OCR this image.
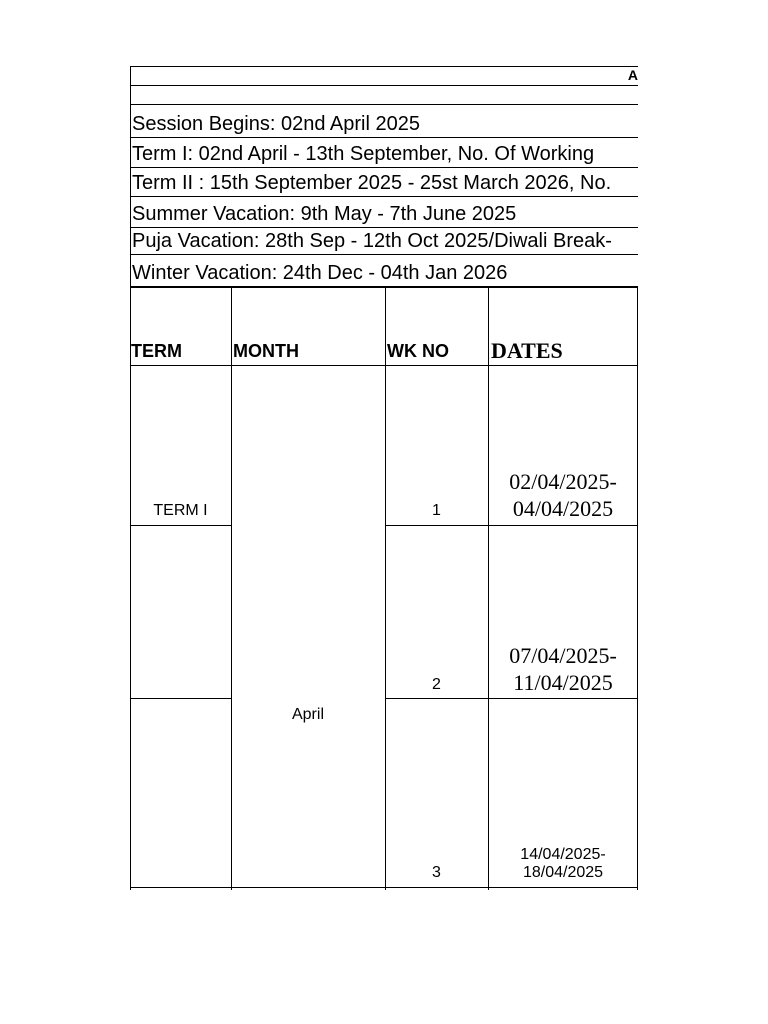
A
Session Begins: 02nd April 2025
Term I: 02nd April - 13th September, No. Of Working
Term II : 15th September 2025 - 25st March 2026, No.
Summer Vacation: 9th May - 7th June 2025
Puja Vacation: 28th Sep - 12th Oct 2025/Diwali Break-
Winter Vacation: 24th Dec - 04th Jan 2026
TERM	MONTH	WK NO DATES
TERM I
April
1
02/04/2025-
04/04/2025
2
07/04/2025-
11/04/2025
3
14/04/2025-
18/04/2025
